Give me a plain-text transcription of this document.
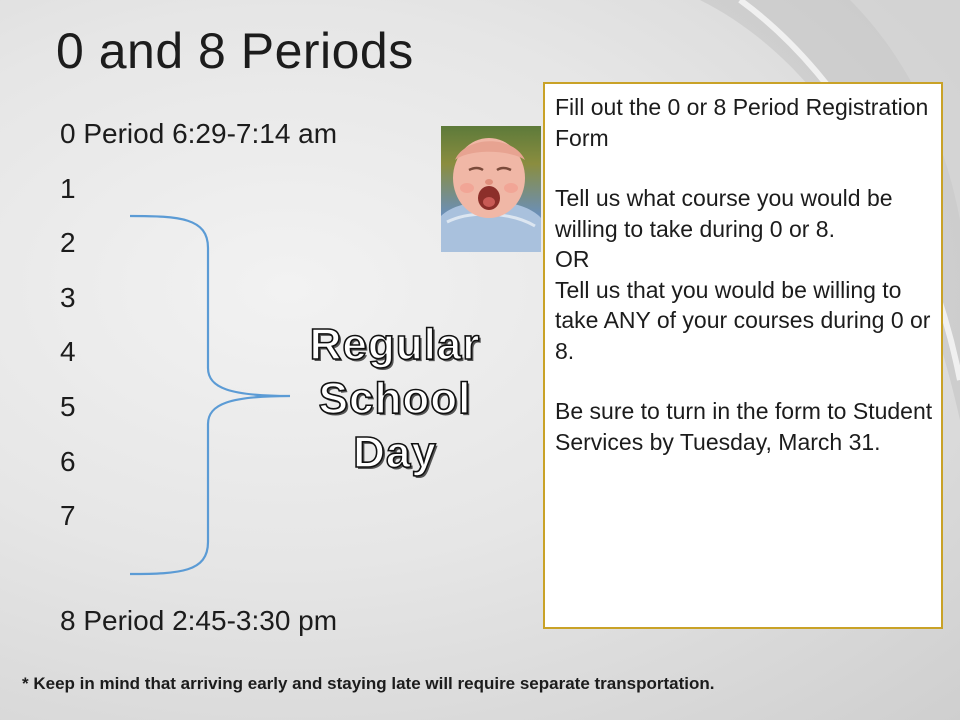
0 and 8 Periods
0 Period 6:29-7:14 am
1
2
3
4
5
6
7
8 Period 2:45-3:30 pm
Regular
School
Day

Fill out the 0 or 8 Period Registration Form

Tell us what course you would be willing to take during 0 or 8.

OR

Tell us that you would be willing to take ANY of your courses during 0 or 8.

Be sure to turn in the form to Student Services by Tuesday, March 31.

* Keep in mind that arriving early and staying late will require separate transportation.
